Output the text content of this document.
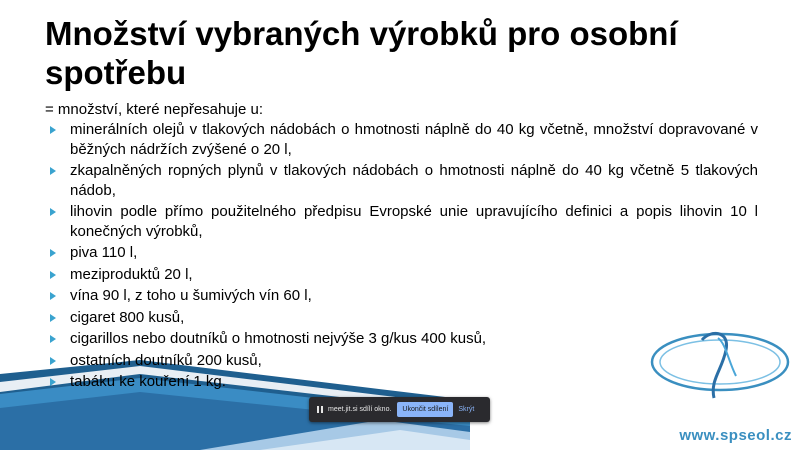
www.spseol.cz
Množství vybraných výrobků pro osobní spotřebu
= množství, které nepřesahuje u:
minerálních olejů v tlakových nádobách o hmotnosti náplně do 40 kg včetně, množství dopravované v běžných nádržích zvýšené o 20 l,
zkapalněných ropných plynů v tlakových nádobách o hmotnosti náplně do 40 kg včetně 5 tlakových nádob,
lihovin podle přímo použitelného předpisu Evropské unie upravujícího definici a popis lihovin 10 l konečných výrobků,
piva 110 l,
meziproduktů 20 l,
vína 90 l, z toho u šumivých vín 60 l,
cigaret 800 kusů,
cigarillos nebo doutníků o hmotnosti nejvýše 3 g/kus 400 kusů,
ostatních doutníků 200 kusů,
tabáku ke kouření 1 kg.
meet.jit.si sdílí okno.	Ukončit sdílení	Skrýt
